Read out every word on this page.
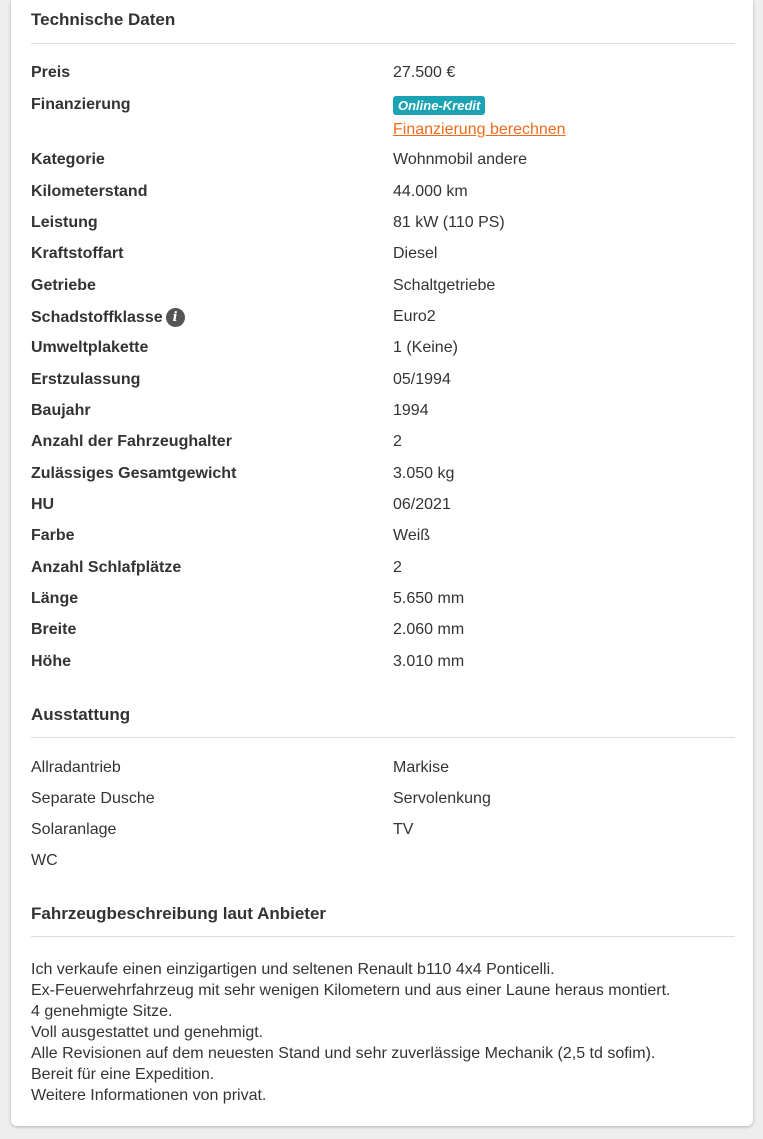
Technische Daten
Preis	27.500 €
Finanzierung	Online-Kredit
Finanzierung berechnen
Kategorie	Wohnmobil andere
Kilometerstand	44.000 km
Leistung	81 kW (110 PS)
Kraftstoffart	Diesel
Getriebe	Schaltgetriebe
Schadstoffklasse i	Euro2
Umweltplakette	1 (Keine)
Erstzulassung	05/1994
Baujahr	1994
Anzahl der Fahrzeughalter	2
Zulässiges Gesamtgewicht	3.050 kg
HU	06/2021
Farbe	Weiß
Anzahl Schlafplätze	2
Länge	5.650 mm
Breite	2.060 mm
Höhe	3.010 mm
Ausstattung
Allradantrieb	Markise
Separate Dusche	Servolenkung
Solaranlage	TV
WC
Fahrzeugbeschreibung laut Anbieter
Ich verkaufe einen einzigartigen und seltenen Renault b110 4x4 Ponticelli.
Ex-Feuerwehrfahrzeug mit sehr wenigen Kilometern und aus einer Laune heraus montiert.
4 genehmigte Sitze.
Voll ausgestattet und genehmigt.
Alle Revisionen auf dem neuesten Stand und sehr zuverlässige Mechanik (2,5 td sofim).
Bereit für eine Expedition.
Weitere Informationen von privat.
